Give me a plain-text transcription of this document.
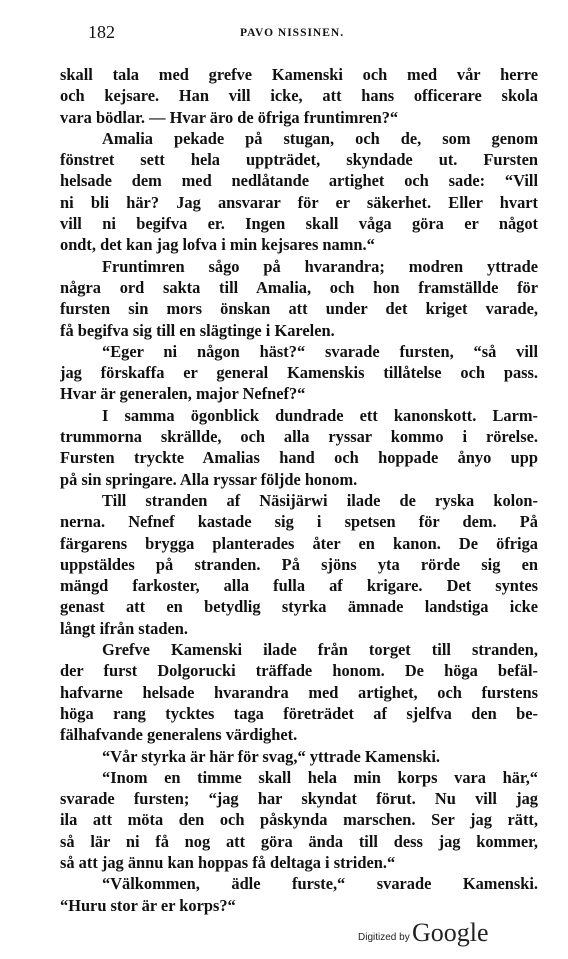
182	PAVO NISSINEN.
skall tala med grefve Kamenski och med vår herre
och kejsare. Han vill icke, att hans officerare skola
vara bödlar. — Hvar äro de öfriga fruntimren?“
Amalia pekade på stugan, och de, som genom
fönstret sett hela uppträdet, skyndade ut. Fursten
helsade dem med nedlåtande artighet och sade: “Vill
ni bli här? Jag ansvarar för er säkerhet. Eller hvart
vill ni begifva er. Ingen skall våga göra er något
ondt, det kan jag lofva i min kejsares namn.“
Fruntimren sågo på hvarandra; modren yttrade
några ord sakta till Amalia, och hon framställde för
fursten sin mors önskan att under det kriget varade,
få begifva sig till en slägtinge i Karelen.
“Eger ni någon häst?“ svarade fursten, “så vill
jag förskaffa er general Kamenskis tillåtelse och pass.
Hvar är generalen, major Nefnef?“
I samma ögonblick dundrade ett kanonskott. Larm-
trummorna skrällde, och alla ryssar kommo i rörelse.
Fursten tryckte Amalias hand och hoppade ånyo upp
på sin springare. Alla ryssar följde honom.
Till stranden af Näsijärwi ilade de ryska kolon-
nerna. Nefnef kastade sig i spetsen för dem. På
färgarens brygga planterades åter en kanon. De öfriga
uppstäldes på stranden. På sjöns yta rörde sig en
mängd farkoster, alla fulla af krigare. Det syntes
genast att en betydlig styrka ämnade landstiga icke
långt ifrån staden.
Grefve Kamenski ilade från torget till stranden,
der furst Dolgorucki träffade honom. De höga befäl-
hafvarne helsade hvarandra med artighet, och furstens
höga rang tycktes taga företrädet af sjelfva den be-
fälhafvande generalens värdighet.
“Vår styrka är här för svag,“ yttrade Kamenski.
“Inom en timme skall hela min korps vara här,“
svarade fursten; “jag har skyndat förut. Nu vill jag
ila att möta den och påskynda marschen. Ser jag rätt,
så lär ni få nog att göra ända till dess jag kommer,
så att jag ännu kan hoppas få deltaga i striden.“
“Välkommen, ädle furste,“ svarade Kamenski.
“Huru stor är er korps?“
Digitized by Google
